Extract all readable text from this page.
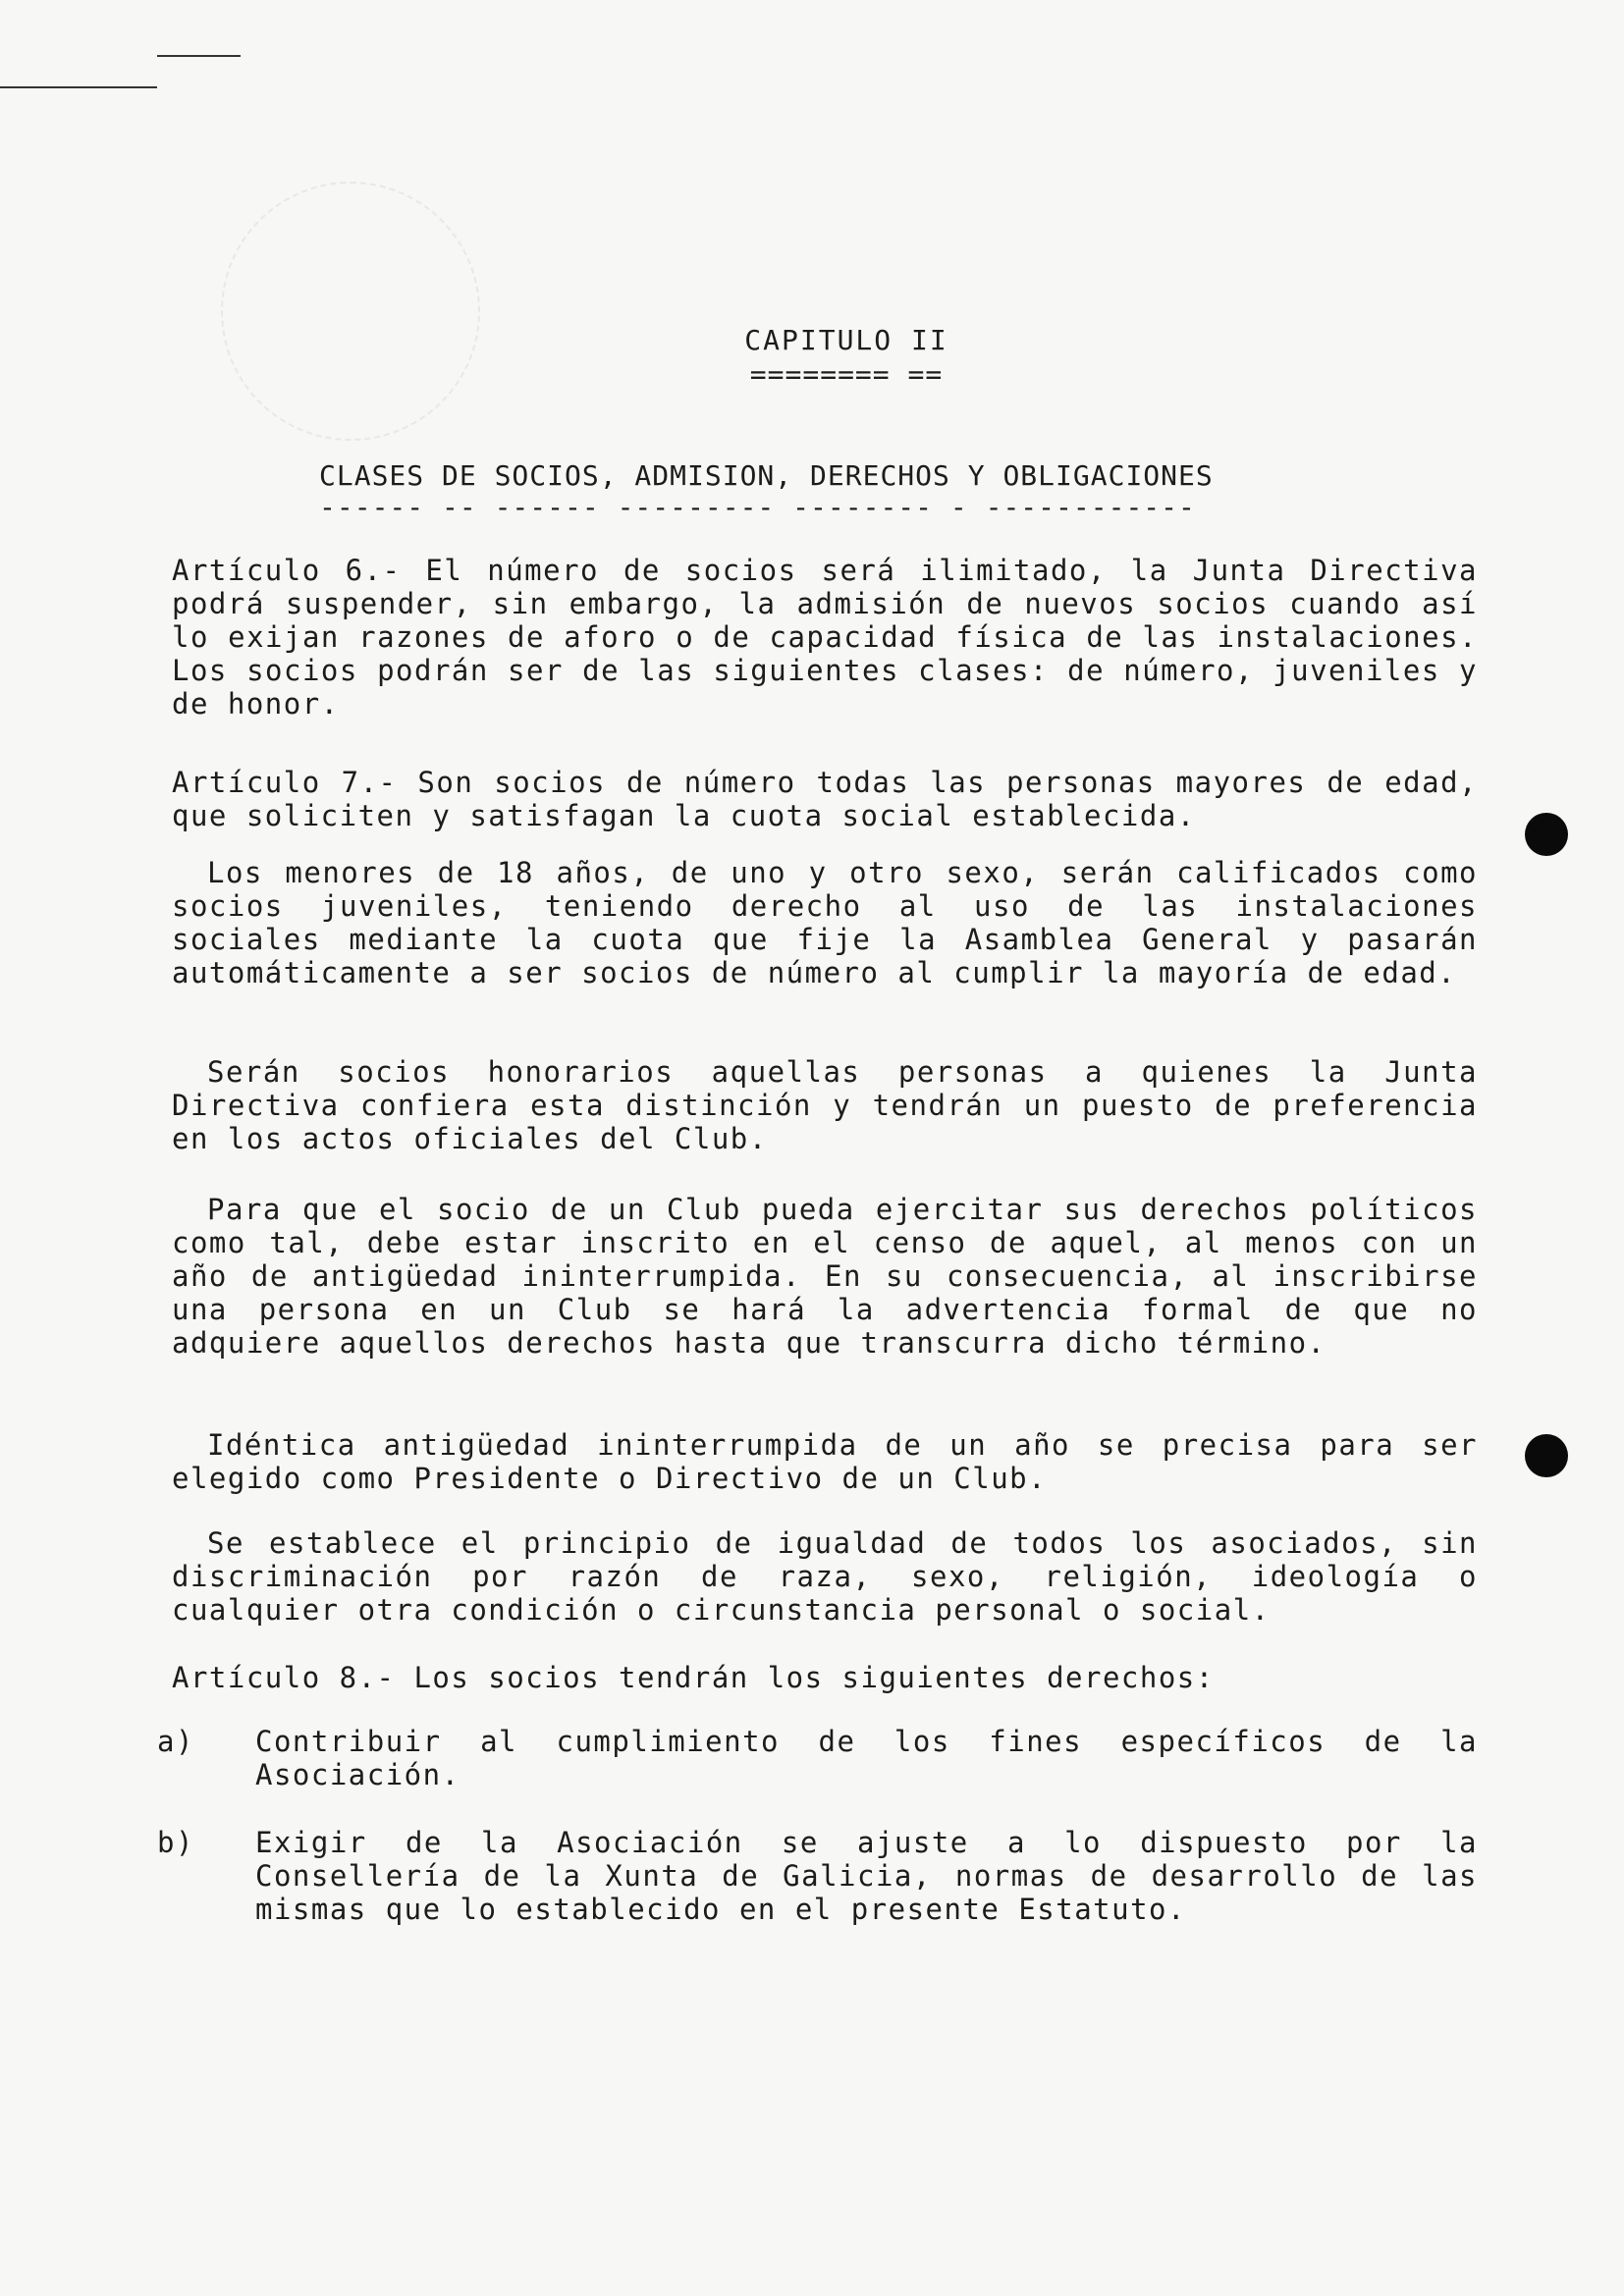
CAPITULO II
======== ==
CLASES DE SOCIOS, ADMISION, DERECHOS Y OBLIGACIONES
------ -- ------ --------- -------- - ------------
Artículo 6.- El número de socios será ilimitado, la Junta Directiva podrá suspender, sin embargo, la admisión de nuevos socios cuando así lo exijan razones de aforo o de capacidad física de las instalaciones. Los socios podrán ser de las siguientes clases: de número, juveniles y de honor.
Artículo 7.- Son socios de número todas las personas mayores de edad, que soliciten y satisfagan la cuota social establecida.
Los menores de 18 años, de uno y otro sexo, serán calificados como socios juveniles, teniendo derecho al uso de las instalaciones sociales mediante la cuota que fije la Asamblea General y pasarán automáticamente a ser socios de número al cumplir la mayoría de edad.
Serán socios honorarios aquellas personas a quienes la Junta Directiva confiera esta distinción y tendrán un puesto de preferencia en los actos oficiales del Club.
Para que el socio de un Club pueda ejercitar sus derechos políticos como tal, debe estar inscrito en el censo de aquel, al menos con un año de antigüedad ininterrumpida. En su consecuencia, al inscribirse una persona en un Club se hará la advertencia formal de que no adquiere aquellos derechos hasta que transcurra dicho término.
Idéntica antigüedad ininterrumpida de un año se precisa para ser elegido como Presidente o Directivo de un Club.
Se establece el principio de igualdad de todos los asociados, sin discriminación por razón de raza, sexo, religión, ideología o cualquier otra condición o circunstancia personal o social.
Artículo 8.- Los socios tendrán los siguientes derechos:
a) Contribuir al cumplimiento de los fines específicos de la Asociación.
b) Exigir de la Asociación se ajuste a lo dispuesto por la Consellería de la Xunta de Galicia, normas de desarrollo de las mismas que lo establecido en el presente Estatuto.
